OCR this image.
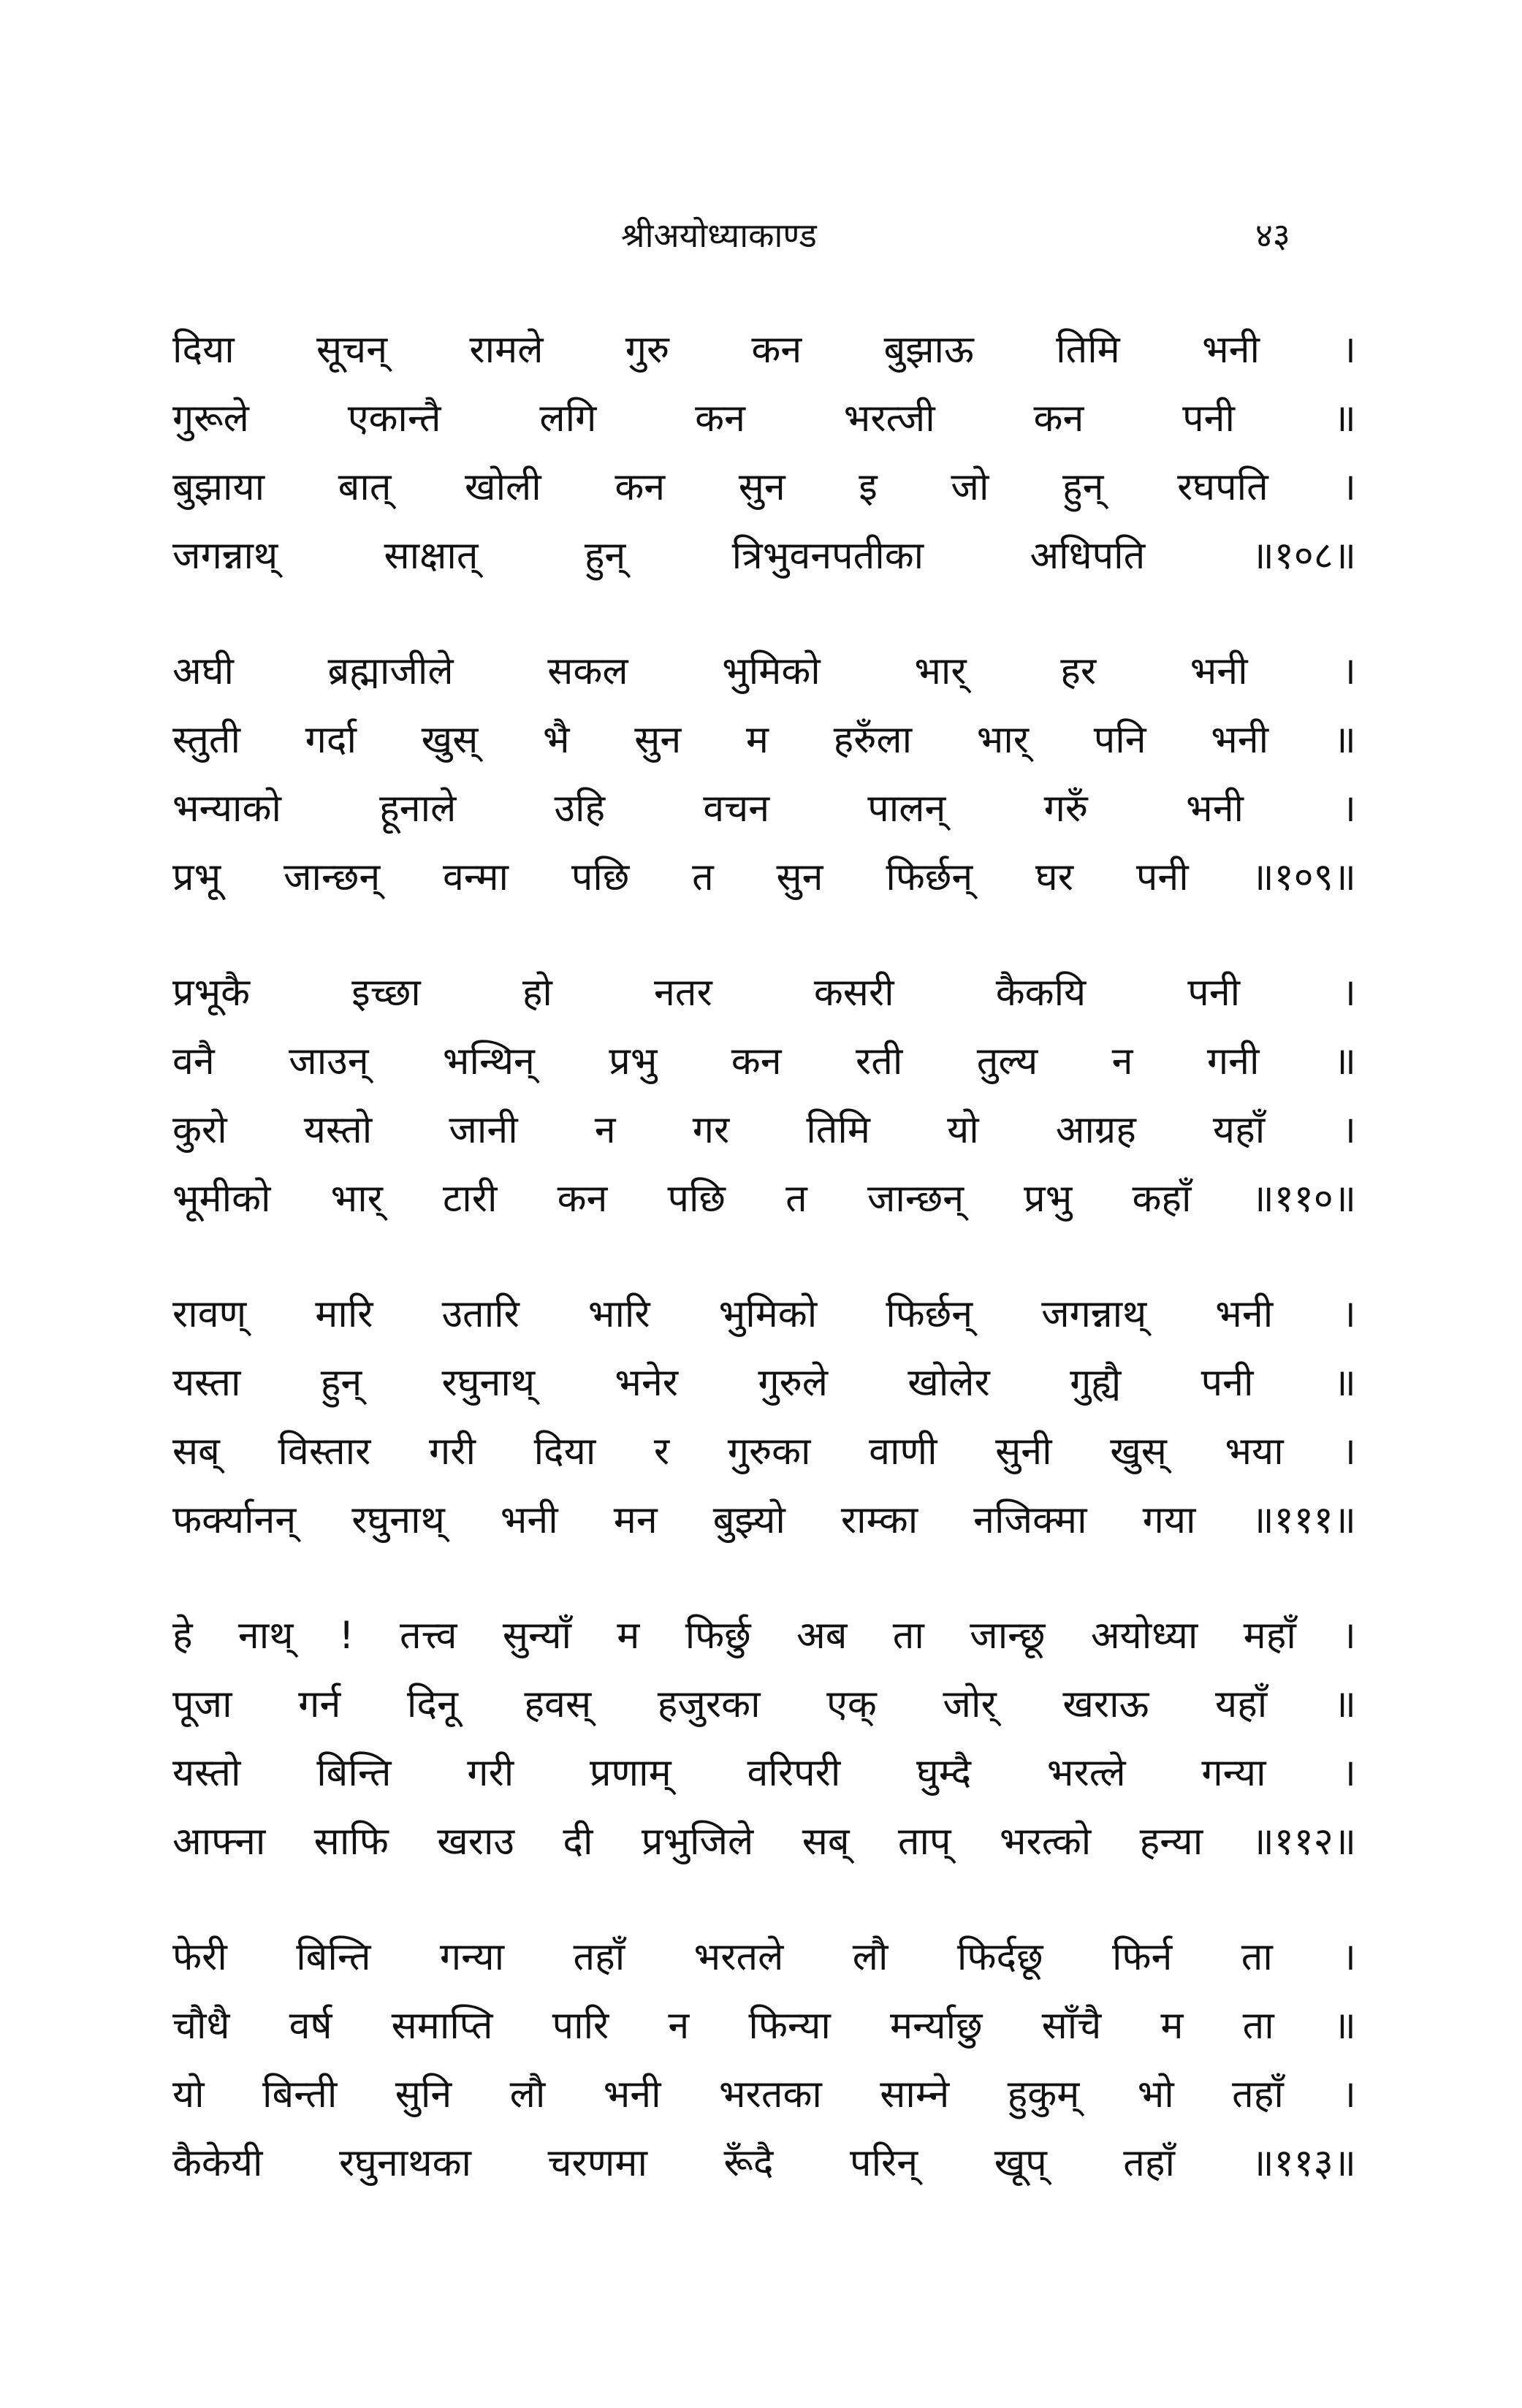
श्रीअयोध्याकाण्ड	४३
दिया सूचन् रामले गुरु कन बुझाऊ तिमि भनी ।
गुरूले	एकान्तै	लगि	कन	भरत्जी	कन	पनी	॥
बुझाया बात् खोली कन सुन इ जो हुन् रघपति ।
जगन्नाथ्	साक्षात्	हुन्	त्रिभुवनपतीका	अधिपति	॥१०८॥
अघी ब्रह्माजीले सकल भुमिको भार् हर भनी ।
स्तुती गर्दा खुस् भै सुन म हरुँला भार् पनि भनी ॥
भन्याको	हूनाले	उहि	वचन	पालन्	गरुँ	भनी	।
प्रभू जान्छन् वन्मा पछि त सुन फिर्छन् घर पनी ॥१०९॥
प्रभूकै	इच्छा	हो	नतर	कसरी	कैकयि	पनी	।
वनै जाउन् भन्थिन् प्रभु कन रती तुल्य न गनी ॥
कुरो यस्तो जानी न गर तिमि यो आग्रह यहाँ ।
भूमीको भार् टारी कन पछि त जान्छन् प्रभु कहाँ ॥११०॥
रावण् मारि उतारि भारि भुमिको फिर्छन् जगन्नाथ् भनी ।
यस्ता हुन् रघुनाथ् भनेर गुरुले खोलेर गुह्यै पनी ॥
सब् विस्तार गरी दिया र गुरुका वाणी सुनी खुस् भया ।
फर्क्यानन् रघुनाथ् भनी मन बुझ्यो राम्का नजिक्मा गया ॥१११॥
हे नाथ् ! तत्त्व सुन्याँ म फिर्छु अब ता जान्छू अयोध्या महाँ ।
पूजा गर्न दिनू हवस् हजुरका एक् जोर् खराऊ यहाँ ॥
यस्तो बिन्ति गरी प्रणाम् वरिपरी घुम्दै भरत्ले गन्या ।
आफ्ना साफि खराउ दी प्रभुजिले सब् ताप् भरत्को हन्या ॥११२॥
फेरी बिन्ति गन्या तहाँ भरतले लौ फिर्दछू फिर्न ता ।
चौधै वर्ष समाप्ति पारि न फिन्या मर्न्याछु साँचै म ता ॥
यो बिन्ती सुनि लौ भनी भरतका साम्ने हुकुम् भो तहाँ ।
कैकेयी रघुनाथका चरणमा रूँदै परिन् खूप् तहाँ ॥११३॥
